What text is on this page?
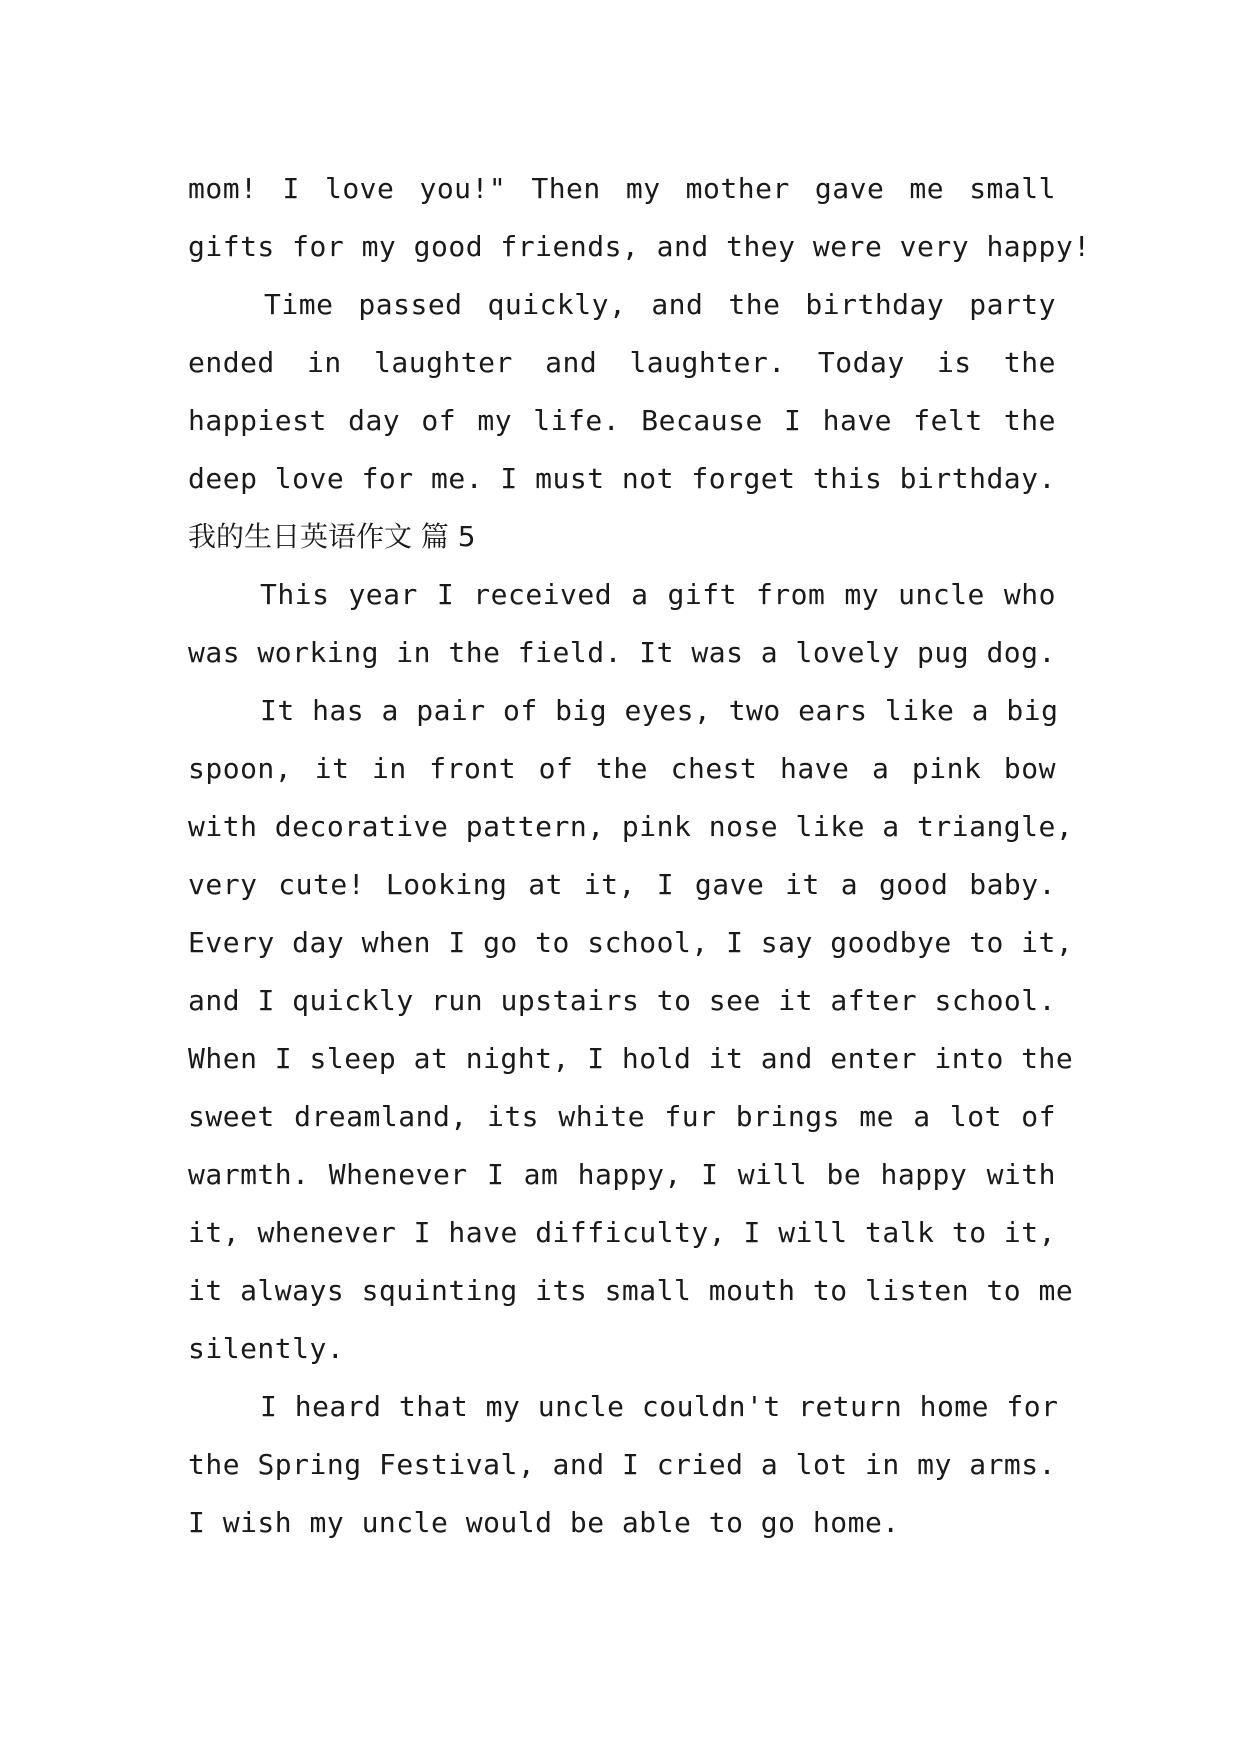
mom! I love you!" Then my mother gave me small
gifts for my good friends, and they were very happy!
Time passed quickly, and the birthday party
ended in laughter and laughter. Today is the
happiest day of my life. Because I have felt the
deep love for me. I must not forget this birthday.
我的生日英语作文 篇 5
This year I received a gift from my uncle who
was working in the field. It was a lovely pug dog.
It has a pair of big eyes, two ears like a big
spoon, it in front of the chest have a pink bow
with decorative pattern, pink nose like a triangle,
very cute! Looking at it, I gave it a good baby.
Every day when I go to school, I say goodbye to it,
and I quickly run upstairs to see it after school.
When I sleep at night, I hold it and enter into the
sweet dreamland, its white fur brings me a lot of
warmth. Whenever I am happy, I will be happy with
it, whenever I have difficulty, I will talk to it,
it always squinting its small mouth to listen to me
silently.
I heard that my uncle couldn't return home for
the Spring Festival, and I cried a lot in my arms.
I wish my uncle would be able to go home.
